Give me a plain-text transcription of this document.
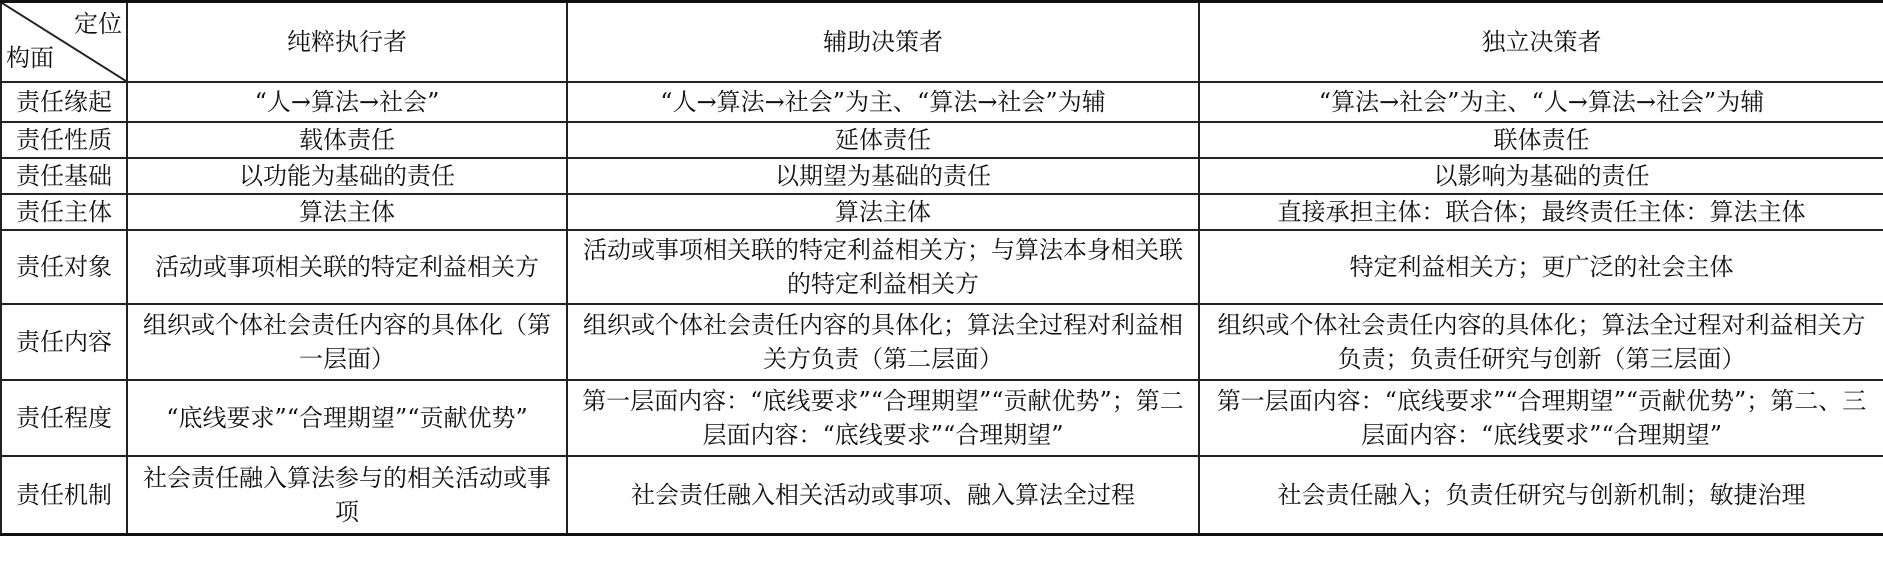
定位
构面	纯粹执行者	辅助决策者	独立决策者
责任缘起	“人→算法→社会”	“人→算法→社会”为主、“算法→社会”为辅	“算法→社会”为主、“人→算法→社会”为辅
责任性质	载体责任	延体责任	联体责任
责任基础	以功能为基础的责任	以期望为基础的责任	以影响为基础的责任
责任主体	算法主体	算法主体	直接承担主体：联合体；最终责任主体：算法主体
责任对象	活动或事项相关联的特定利益相关方	活动或事项相关联的特定利益相关方；与算法本身相关联的特定利益相关方	特定利益相关方；更广泛的社会主体
责任内容	组织或个体社会责任内容的具体化（第一层面）	组织或个体社会责任内容的具体化；算法全过程对利益相关方负责（第二层面）	组织或个体社会责任内容的具体化；算法全过程对利益相关方负责；负责任研究与创新（第三层面）
责任程度	“底线要求”“合理期望”“贡献优势”	第一层面内容：“底线要求”“合理期望”“贡献优势”；第二层面内容：“底线要求”“合理期望”	第一层面内容：“底线要求”“合理期望”“贡献优势”；第二、三层面内容：“底线要求”“合理期望”
责任机制	社会责任融入算法参与的相关活动或事项	社会责任融入相关活动或事项、融入算法全过程	社会责任融入；负责任研究与创新机制；敏捷治理
